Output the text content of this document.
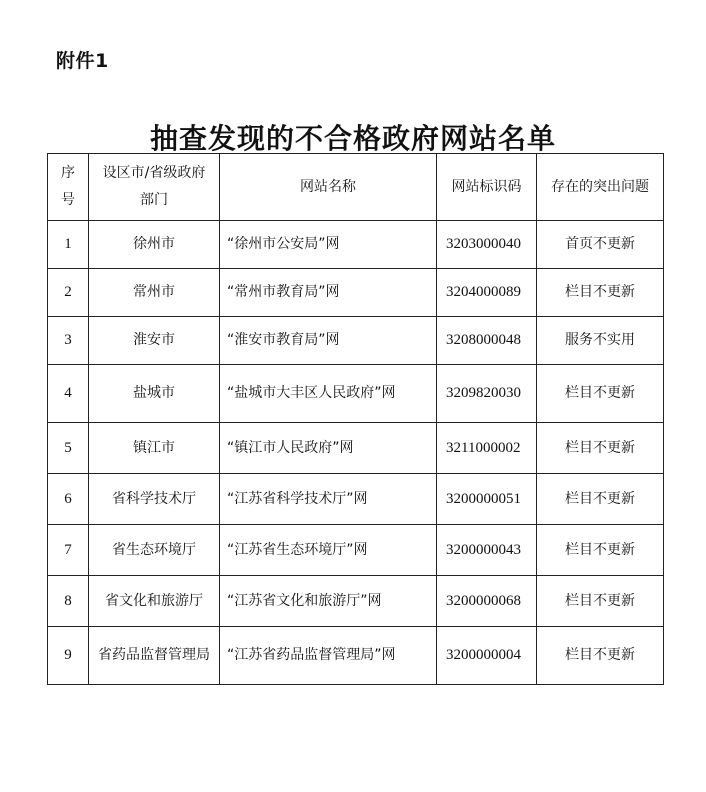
附件1
抽查发现的不合格政府网站名单
序号	设区市/省级政府部门	网站名称	网站标识码	存在的突出问题
1	徐州市	“徐州市公安局”网	3203000040	首页不更新
2	常州市	“常州市教育局”网	3204000089	栏目不更新
3	淮安市	“淮安市教育局”网	3208000048	服务不实用
4	盐城市	“盐城市大丰区人民政府”网	3209820030	栏目不更新
5	镇江市	“镇江市人民政府”网	3211000002	栏目不更新
6	省科学技术厅	“江苏省科学技术厅”网	3200000051	栏目不更新
7	省生态环境厅	“江苏省生态环境厅”网	3200000043	栏目不更新
8	省文化和旅游厅	“江苏省文化和旅游厅”网	3200000068	栏目不更新
9	省药品监督管理局	“江苏省药品监督管理局”网	3200000004	栏目不更新
